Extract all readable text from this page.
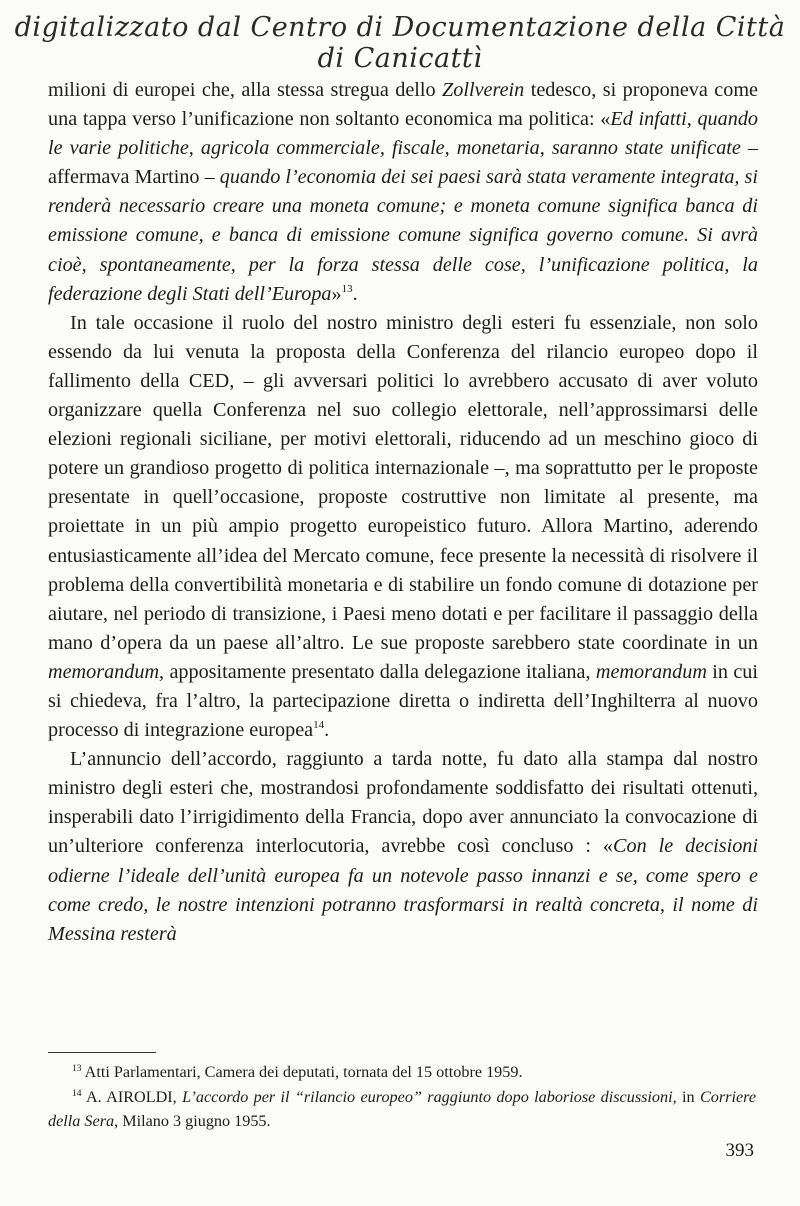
digitalizzato dal Centro di Documentazione della Città di Canicattì

milioni di europei che, alla stessa stregua dello Zollverein tedesco, si proponeva come una tappa verso l’unificazione non soltanto economica ma politica: «Ed infatti, quando le varie politiche, agricola commerciale, fiscale, monetaria, saranno state unificate – affermava Martino – quando l’economia dei sei paesi sarà stata veramente integrata, si renderà necessario creare una moneta comune; e moneta comune significa banca di emissione comune, e banca di emissione comune significa governo comune. Si avrà cioè, spontaneamente, per la forza stessa delle cose, l’unificazione politica, la federazione degli Stati dell’Europa»$^{13}$.

In tale occasione il ruolo del nostro ministro degli esteri fu essenziale, non solo essendo da lui venuta la proposta della Conferenza del rilancio europeo dopo il fallimento della CED, – gli avversari politici lo avrebbero accusato di aver voluto organizzare quella Conferenza nel suo collegio elettorale, nell’approssimarsi delle elezioni regionali siciliane, per motivi elettorali, riducendo ad un meschino gioco di potere un grandioso progetto di politica internazionale –, ma soprattutto per le proposte presentate in quell’occasione, proposte costruttive non limitate al presente, ma proiettate in un più ampio progetto europeistico futuro. Allora Martino, aderendo entusiasticamente all’idea del Mercato comune, fece presente la necessità di risolvere il problema della convertibilità monetaria e di stabilire un fondo comune di dotazione per aiutare, nel periodo di transizione, i Paesi meno dotati e per facilitare il passaggio della mano d’opera da un paese all’altro. Le sue proposte sarebbero state coordinate in un memorandum, appositamente presentato dalla delegazione italiana, memorandum in cui si chiedeva, fra l’altro, la partecipazione diretta o indiretta dell’Inghilterra al nuovo processo di integrazione europea$^{14}$.

L’annuncio dell’accordo, raggiunto a tarda notte, fu dato alla stampa dal nostro ministro degli esteri che, mostrandosi profondamente soddisfatto dei risultati ottenuti, insperabili dato l’irrigidimento della Francia, dopo aver annunciato la convocazione di un’ulteriore conferenza interlocutoria, avrebbe così concluso : «Con le decisioni odierne l’ideale dell’unità europea fa un notevole passo innanzi e se, come spero e come credo, le nostre intenzioni potranno trasformarsi in realtà concreta, il nome di Messina resterà

$^{13}$ Atti Parlamentari, Camera dei deputati, tornata del 15 ottobre 1959.

$^{14}$ A. AIROLDI, L’accordo per il “rilancio europeo” raggiunto dopo laboriose discussioni, in Corriere della Sera, Milano 3 giugno 1955.

393
